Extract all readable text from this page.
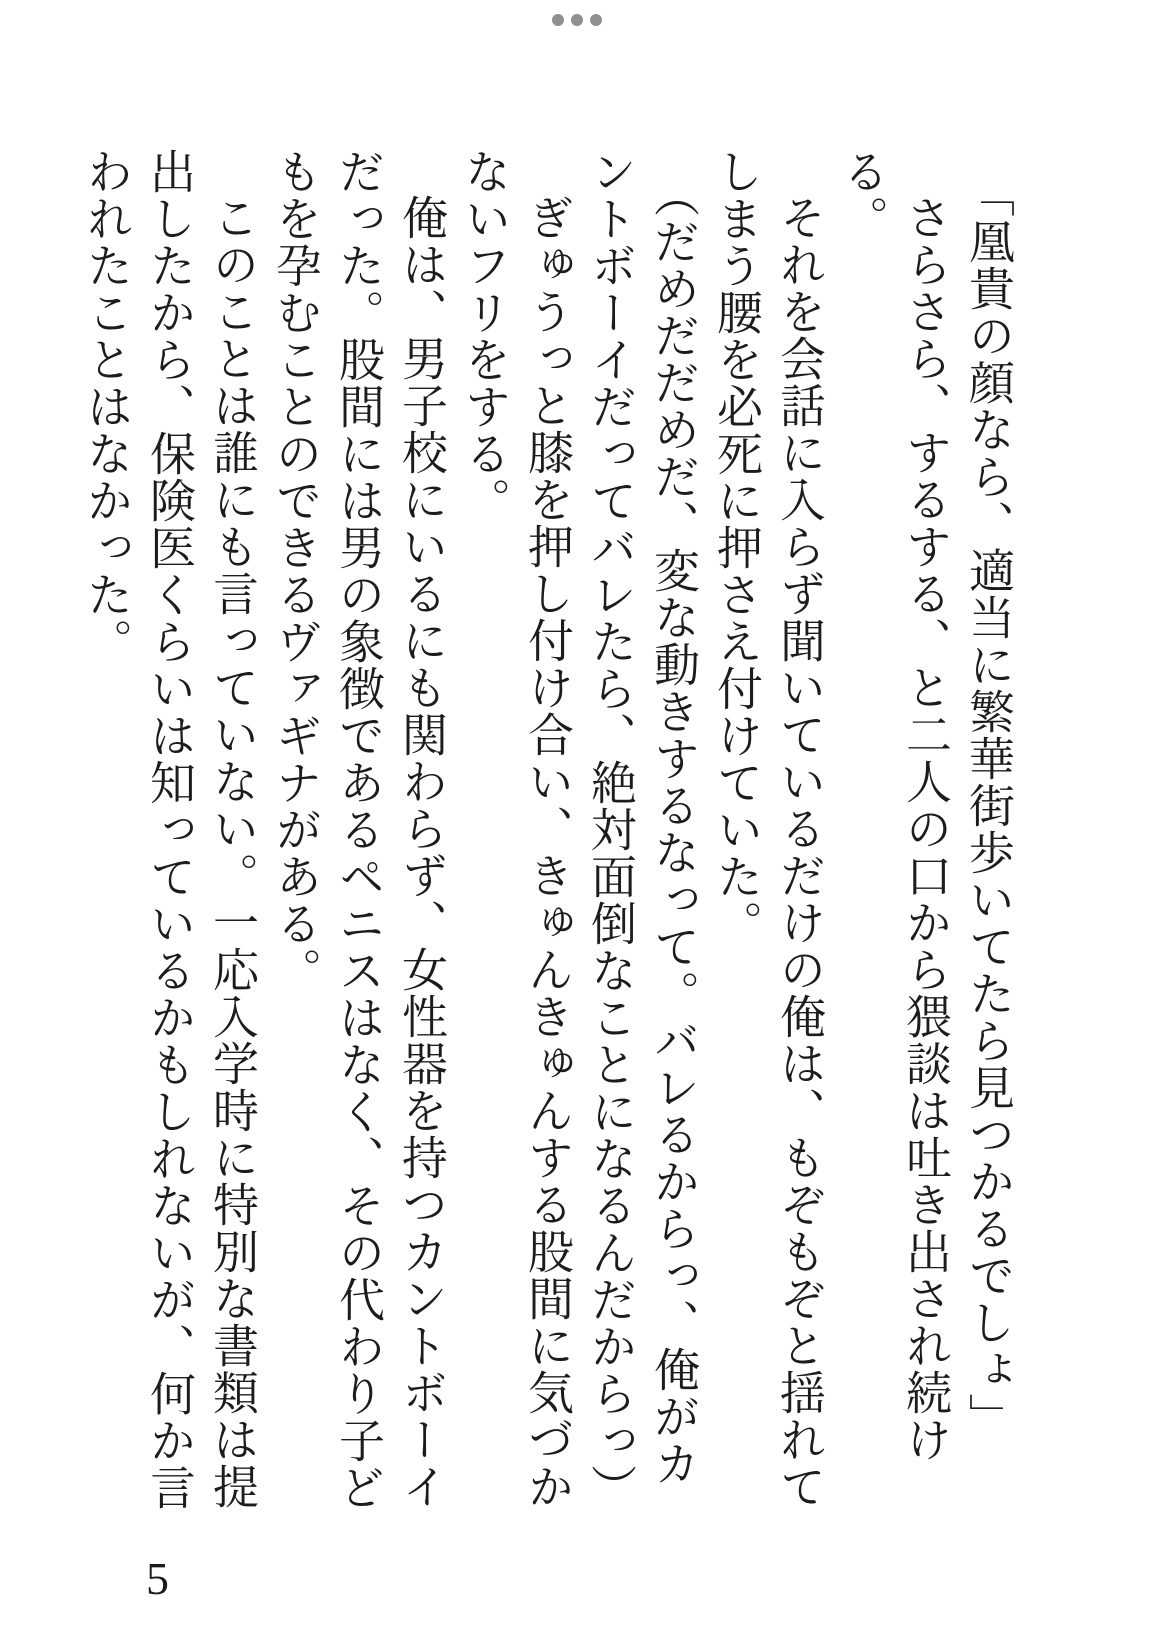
「凰貴の顔なら、適当に繁華街歩いてたら見つかるでしょ」

さらさら、するする、と二人の口から猥談は吐き出され続ける。

それを会話に入らず聞いているだけの俺は、もぞもぞと揺れてしまう腰を必死に押さえ付けていた。

（だめだだめだ、変な動きするなって。バレるからっ、俺がカントボーイだってバレたら、絶対面倒なことになるんだからっ）

ぎゅうっと膝を押し付け合い、きゅんきゅんする股間に気づかないフリをする。

俺は、男子校にいるにも関わらず、女性器を持つカントボーイだった。股間には男の象徴であるペニスはなく、その代わり子どもを孕むことのできるヴァギナがある。

このことは誰にも言っていない。一応入学時に特別な書類は提出したから、保険医くらいは知っているかもしれないが、何か言われたことはなかった。

5
